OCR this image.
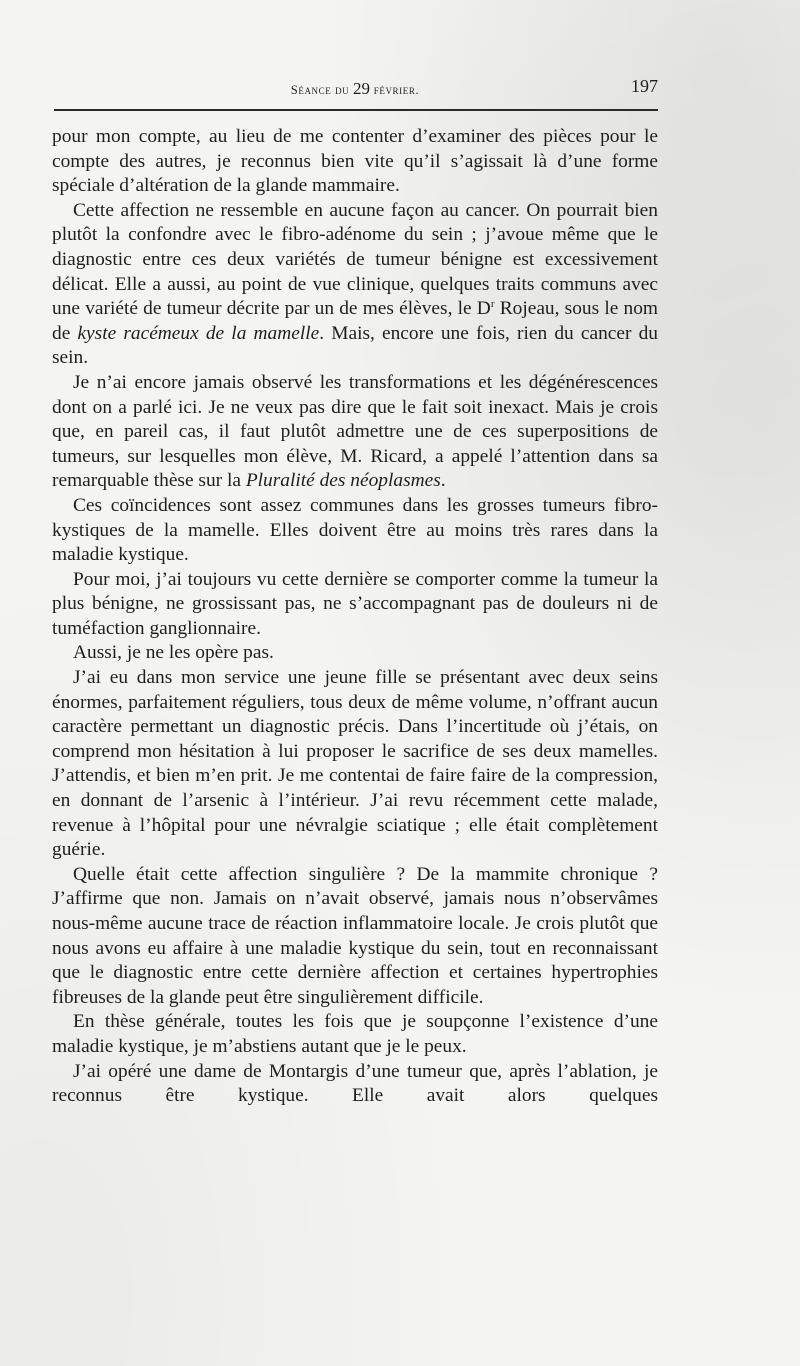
Séance du 29 février.	197

pour mon compte, au lieu de me contenter d’examiner des pièces pour le compte des autres, je reconnus bien vite qu’il s’agissait là d’une forme spéciale d’altération de la glande mammaire.

Cette affection ne ressemble en aucune façon au cancer. On pourrait bien plutôt la confondre avec le fibro-adénome du sein ; j’avoue même que le diagnostic entre ces deux variétés de tumeur bénigne est excessivement délicat. Elle a aussi, au point de vue clinique, quelques traits communs avec une variété de tumeur décrite par un de mes élèves, le $D^r$ Rojeau, sous le nom de kyste racémeux de la mamelle. Mais, encore une fois, rien du cancer du sein.

Je n’ai encore jamais observé les transformations et les dégénérescences dont on a parlé ici. Je ne veux pas dire que le fait soit inexact. Mais je crois que, en pareil cas, il faut plutôt admettre une de ces superpositions de tumeurs, sur lesquelles mon élève, M. Ricard, a appelé l’attention dans sa remarquable thèse sur la Pluralité des néoplasmes.

Ces coïncidences sont assez communes dans les grosses tumeurs fibro-kystiques de la mamelle. Elles doivent être au moins très rares dans la maladie kystique.

Pour moi, j’ai toujours vu cette dernière se comporter comme la tumeur la plus bénigne, ne grossissant pas, ne s’accompagnant pas de douleurs ni de tuméfaction ganglionnaire.

Aussi, je ne les opère pas.

J’ai eu dans mon service une jeune fille se présentant avec deux seins énormes, parfaitement réguliers, tous deux de même volume, n’offrant aucun caractère permettant un diagnostic précis. Dans l’incertitude où j’étais, on comprend mon hésitation à lui proposer le sacrifice de ses deux mamelles. J’attendis, et bien m’en prit. Je me contentai de faire faire de la compression, en donnant de l’arsenic à l’intérieur. J’ai revu récemment cette malade, revenue à l’hôpital pour une névralgie sciatique ; elle était complètement guérie.

Quelle était cette affection singulière ? De la mammite chronique ? J’affirme que non. Jamais on n’avait observé, jamais nous n’observâmes nous-même aucune trace de réaction inflammatoire locale. Je crois plutôt que nous avons eu affaire à une maladie kystique du sein, tout en reconnaissant que le diagnostic entre cette dernière affection et certaines hypertrophies fibreuses de la glande peut être singulièrement difficile.

En thèse générale, toutes les fois que je soupçonne l’existence d’une maladie kystique, je m’abstiens autant que je le peux.

J’ai opéré une dame de Montargis d’une tumeur que, après l’ablation, je reconnus être kystique. Elle avait alors quelques
